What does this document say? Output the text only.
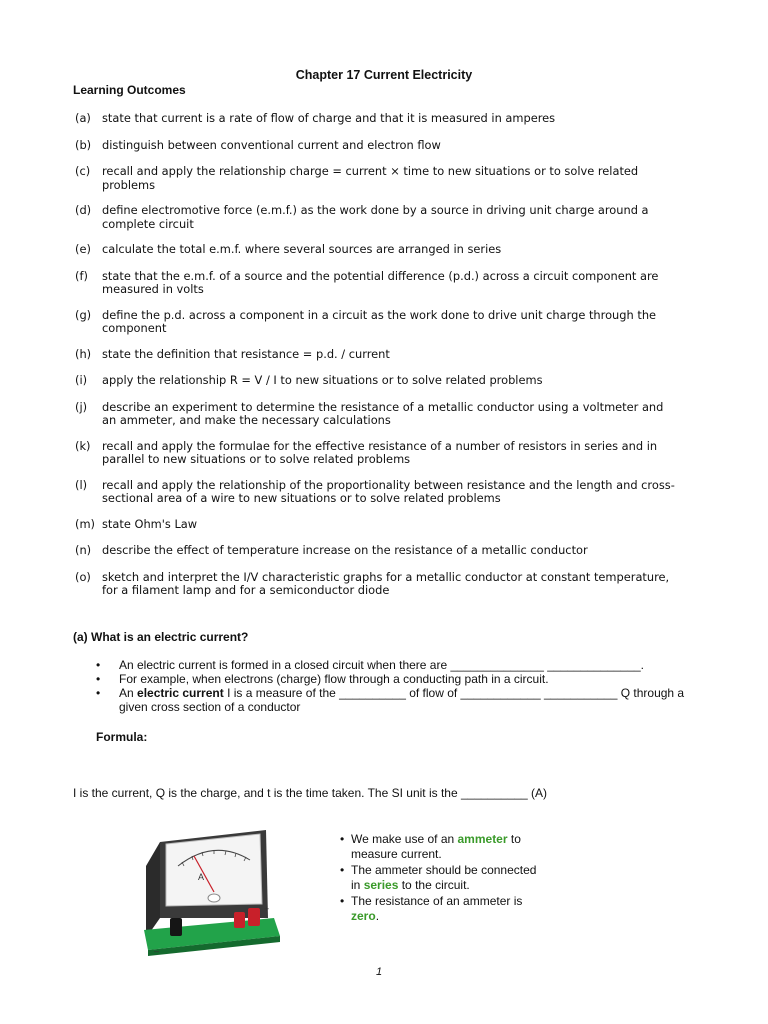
Chapter 17 Current Electricity
Learning Outcomes
(a) state that current is a rate of flow of charge and that it is measured in amperes
(b) distinguish between conventional current and electron flow
(c)	recall and apply the relationship charge = current × time to new situations or to solve related problems
(d) define electromotive force (e.m.f.) as the work done by a source in driving unit charge around a complete circuit
(e) calculate the total e.m.f. where several sources are arranged in series
(f)	state that the e.m.f. of a source and the potential difference (p.d.) across a circuit component are measured in volts
(g) define the p.d. across a component in a circuit as the work done to drive unit charge through the component
(h) state the definition that resistance = p.d. / current
(i)	apply the relationship R = V / I to new situations or to solve related problems
(j)	describe an experiment to determine the resistance of a metallic conductor using a voltmeter and an ammeter, and make the necessary calculations
(k)	recall and apply the formulae for the effective resistance of a number of resistors in series and in parallel to new situations or to solve related problems
(l)	recall and apply the relationship of the proportionality between resistance and the length and cross-sectional area of a wire to new situations or to solve related problems
(m) state Ohm's Law
(n) describe the effect of temperature increase on the resistance of a metallic conductor
(o) sketch and interpret the I/V characteristic graphs for a metallic conductor at constant temperature, for a filament lamp and for a semiconductor diode
(a) What is an electric current?
•	An electric current is formed in a closed circuit when there are ______________ ______________.
•	For example, when electrons (charge) flow through a conducting path in a circuit.
•	An electric current I is a measure of the __________ of flow of ____________ ___________ Q through a given cross section of a conductor
Formula:
I is the current, Q is the charge, and t is the time taken. The SI unit is the __________ (A)
A
+
–
• We make use of an ammeter to measure current.
• The ammeter should be connected in series to the circuit.
• The resistance of an ammeter is zero.
1
